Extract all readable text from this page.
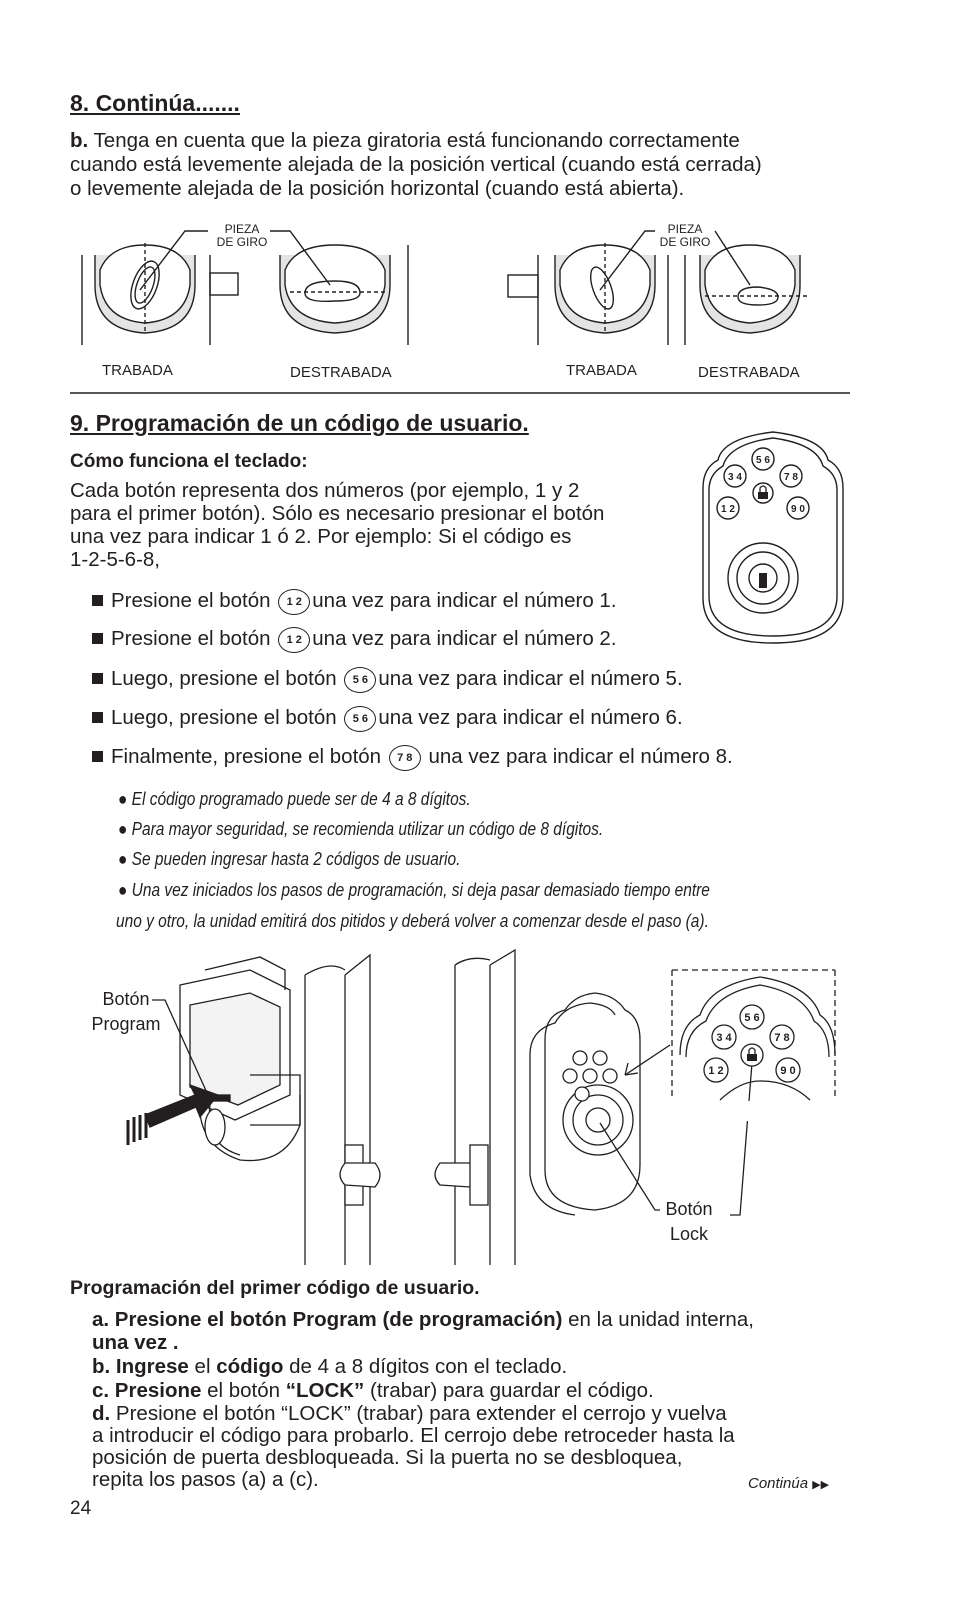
8. Continúa.......
b. Tenga en cuenta que la pieza giratoria está funcionando correctamente
cuando está levemente alejada de la posición vertical (cuando está cerrada)
o levemente alejada de la posición horizontal (cuando está abierta).
PIEZA
DE GIRO
PIEZA
DE GIRO
TRABADA	DESTRABADA	TRABADA	DESTRABADA
9. Programación de un código de usuario.
Cómo funciona el teclado:
Cada botón representa dos números (por ejemplo, 1 y 2
para el primer botón). Sólo es necesario presionar el botón
una vez para indicar 1 ó 2. Por ejemplo: Si el código es
1-2-5-6-8,
5 6
3 4	7 8
1 2	9 0
Presione el botón 1 2 una vez para indicar el número 1.
Presione el botón 1 2 una vez para indicar el número 2.
Luego, presione el botón 5 6 una vez para indicar el número 5.
Luego, presione el botón 5 6 una vez para indicar el número 6.
Finalmente, presione el botón 7 8 una vez para indicar el número 8.
● El código programado puede ser de 4 a 8 dígitos.
● Para mayor seguridad, se recomienda utilizar un código de 8 dígitos.
● Se pueden ingresar hasta 2 códigos de usuario.
● Una vez iniciados los pasos de programación, si deja pasar demasiado tiempo entre
uno y otro, la unidad emitirá dos pitidos y deberá volver a comenzar desde el paso (a).
5 6
3 4	7 8
1 2	9 0
Botón
Program
Botón
Lock
Programación del primer código de usuario.
a. Presione el botón Program (de programación) en la unidad interna,
una vez .
b. Ingrese el código de 4 a 8 dígitos con el teclado.
c. Presione el botón “LOCK” (trabar) para guardar el código.
d. Presione el botón “LOCK” (trabar) para extender el cerrojo y vuelva
a introducir el código para probarlo. El cerrojo debe retroceder hasta la
posición de puerta desbloqueada. Si la puerta no se desbloquea,
repita los pasos (a) a (c).	Continúa ▶▶
24
